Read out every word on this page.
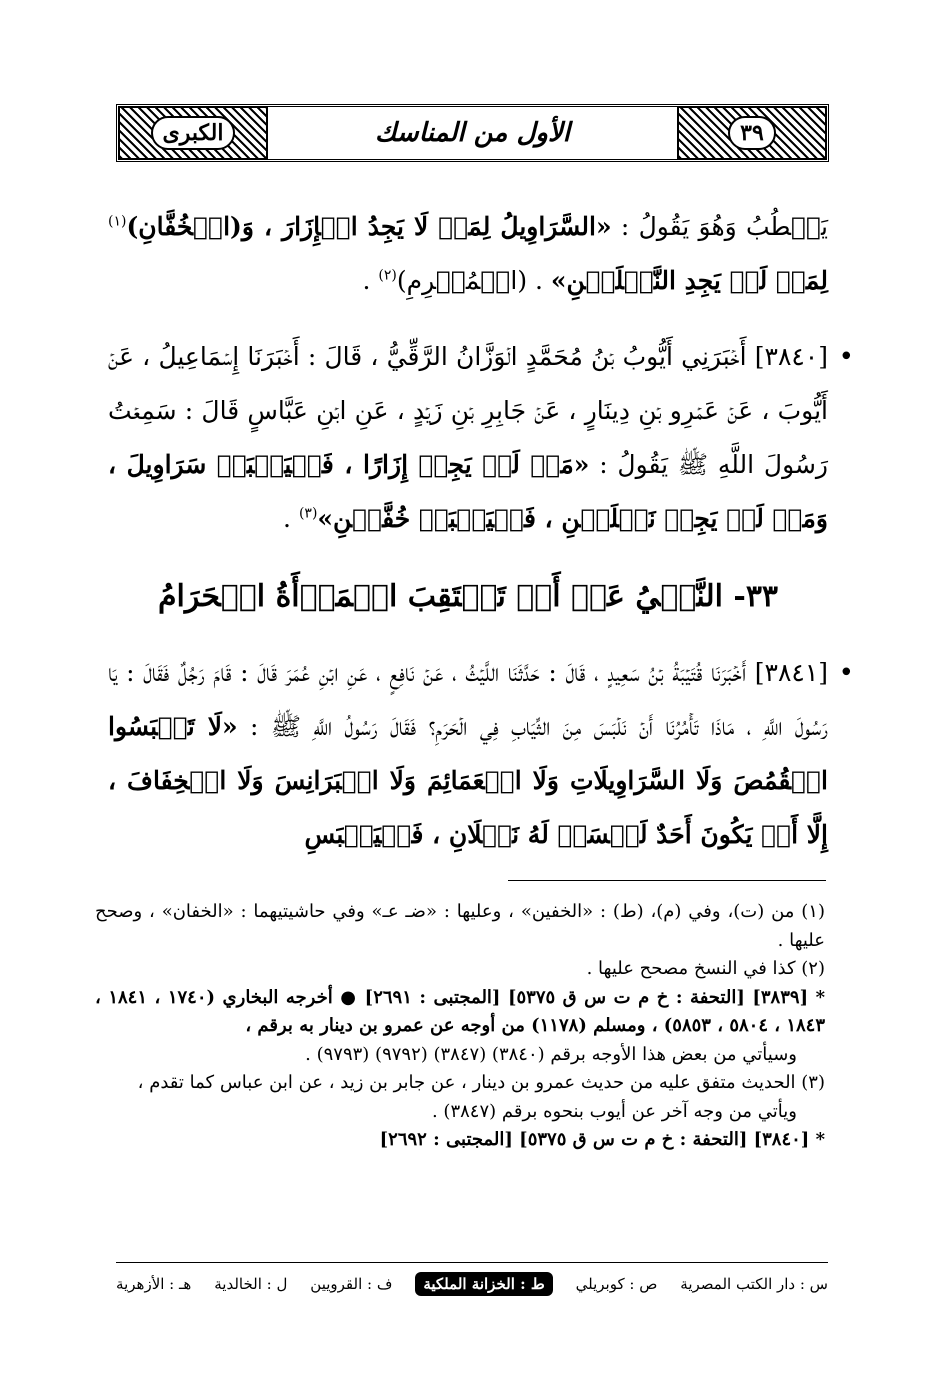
الكبرى	الأول من المناسك	٣٩

يَخۡطُبُ وَهُوَ يَقُولُ : «السَّرَاوِيلُ لِمَنۡ لَا يَجِدُ الۡإِزَارَ ، وَ(الۡخُفَّانِ)$^{(١)}$ لِمَنۡ لَمۡ يَجِدِ النَّعۡلَيۡنِ» . (الۡمُحۡرِمِ)$^{(٢)}$ .

• [٣٨٤٠] أَخۡبَرَنِي أَيُّوبُ بۡنُ مُحَمَّدٍ الۡوَزَّانُ الرَّقِّيُّ ، قَالَ : أَخۡبَرَنَا إِسۡمَاعِيلُ ، عَنۡ أَيُّوبَ ، عَنۡ عَمۡرِو بۡنِ دِينَارٍ ، عَنۡ جَابِرِ بۡنِ زَيۡدٍ ، عَنِ ابۡنِ عَبَّاسٍ قَالَ : سَمِعۡتُ رَسُولَ اللَّهِ ﷺ يَقُولُ : «مَنۡ لَمۡ يَجِدۡ إِزَارًا ، فَلۡيَلۡبَسۡ سَرَاوِيلَ ، وَمَنۡ لَمۡ يَجِدۡ نَعۡلَيۡنِ ، فَلۡيَلۡبَسۡ خُفَّيۡنِ»$^{(٣)}$ .

٣٣- النَّهۡيُ عَنۡ أَنۡ تَنۡتَقِبَ الۡمَرۡأَةُ الۡحَرَامُ

• [٣٨٤١] أَخۡبَرَنَا قُتَيۡبَةُ بۡنُ سَعِيدٍ ، قَالَ : حَدَّثَنَا اللَّيۡثُ ، عَنۡ نَافِعٍ ، عَنِ ابۡنِ عُمَرَ قَالَ : قَامَ رَجُلٌ فَقَالَ : يَا رَسُولَ اللَّهِ ، مَاذَا تَأۡمُرُنَا أَنۡ نَلۡبَسَ مِنَ الثِّيَابِ فِي الۡحَرَمِ؟ فَقَالَ رَسُولُ اللَّهِ ﷺ : «لَا تَلۡبَسُوا الۡقُمُصَ وَلَا السَّرَاوِيلَاتِ وَلَا الۡعَمَائِمَ وَلَا الۡبَرَانِسَ وَلَا الۡخِفَافَ ، إِلَّا أَنۡ يَكُونَ أَحَدٌ لَيۡسَتۡ لَهُ نَعۡلَانِ ، فَلۡيَلۡبَسِ

(١) من (ت)، وفي (م)، (ط) : «الخفين» ، وعليها : «ضـ عـ» وفي حاشيتيهما : «الخفان» ، وصحح عليها .

(٢) كذا في النسخ مصحح عليها .

* [٣٨٣٩] [التحفة : خ م ت س ق ٥٣٧٥] [المجتبى : ٢٦٩١] ● أخرجه البخاري (١٧٤٠ ، ١٨٤١ ، ١٨٤٣ ، ٥٨٠٤ ، ٥٨٥٣) ، ومسلم (١١٧٨) من أوجه عن عمرو بن دينار به برقم ،

وسيأتي من بعض هذا الأوجه برقم (٣٨٤٠) (٣٨٤٧) (٩٧٩٢) (٩٧٩٣) .

(٣) الحديث متفق عليه من حديث عمرو بن دينار ، عن جابر بن زيد ، عن ابن عباس كما تقدم ،

ويأتي من وجه آخر عن أيوب بنحوه برقم (٣٨٤٧) .

* [٣٨٤٠] [التحفة : خ م ت س ق ٥٣٧٥] [المجتبى : ٢٦٩٢]

س : دار الكتب المصرية
ص : كوبريلي
ط : الخزانة الملكية
ف : القرويين
ل : الخالدية
هـ : الأزهرية
